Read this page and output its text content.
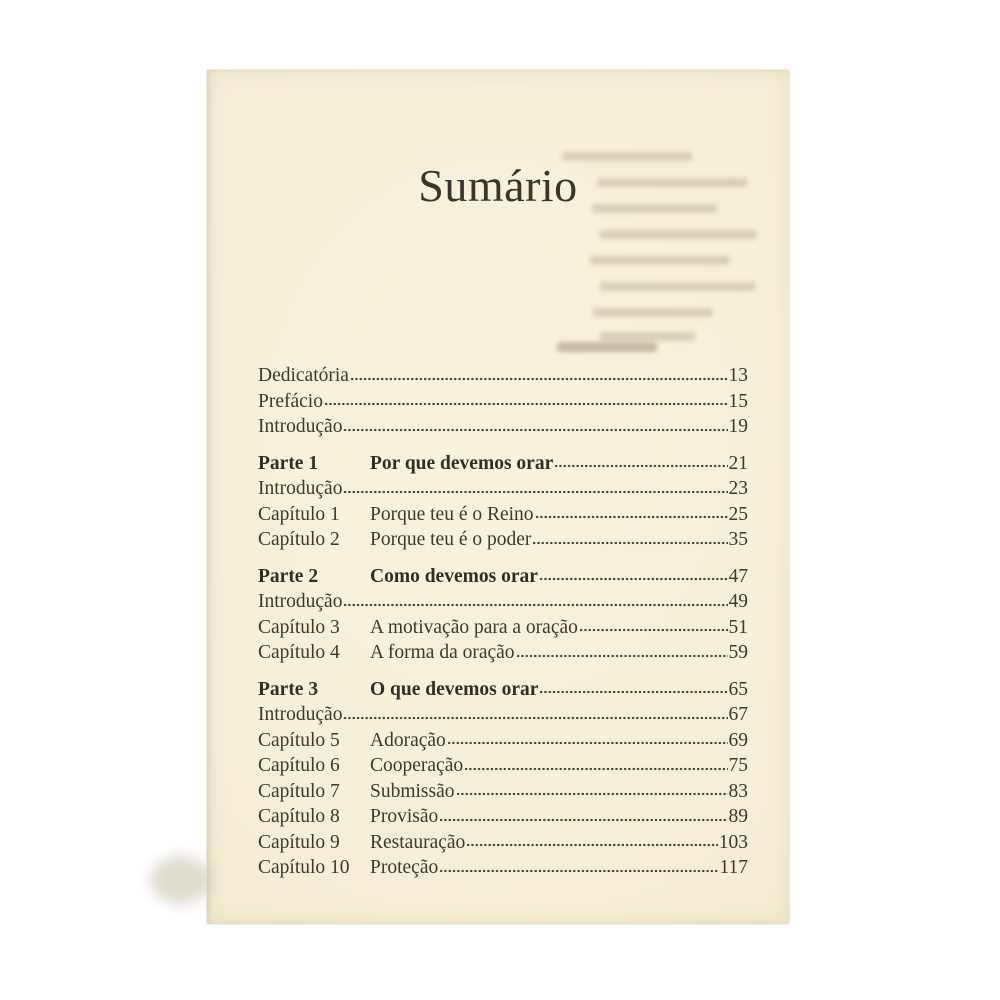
Sumário
Dedicatória	13
Prefácio	15
Introdução	19
Parte 1	Por que devemos orar	21
Introdução	23
Capítulo 1	Porque teu é o Reino	25
Capítulo 2	Porque teu é o poder	35
Parte 2	Como devemos orar	47
Introdução	49
Capítulo 3	A motivação para a oração	51
Capítulo 4	A forma da oração	59
Parte 3	O que devemos orar	65
Introdução	67
Capítulo 5	Adoração	69
Capítulo 6	Cooperação	75
Capítulo 7	Submissão	83
Capítulo 8	Provisão	89
Capítulo 9	Restauração	103
Capítulo 10	Proteção	117
